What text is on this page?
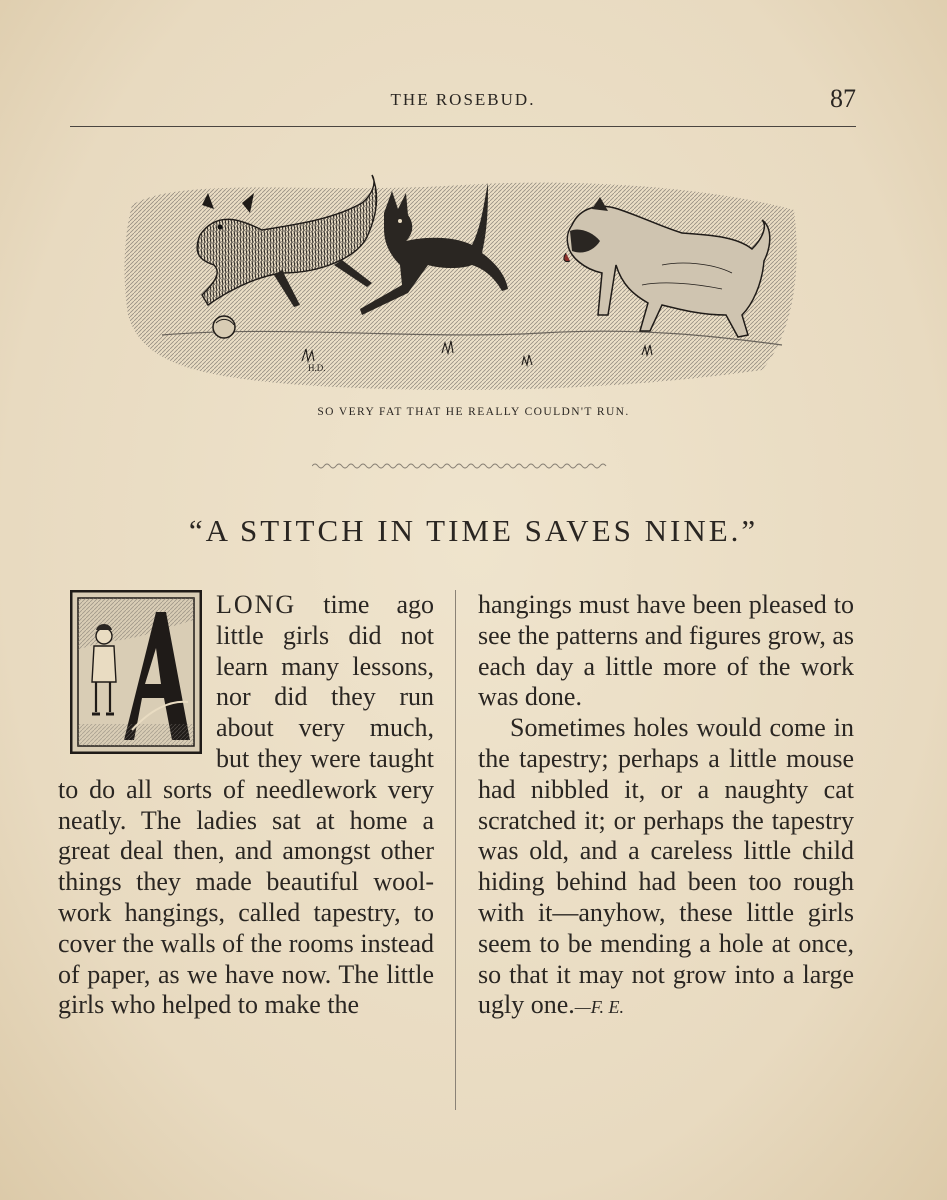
THE ROSEBUD.	87
H.D.
SO VERY FAT THAT HE REALLY COULDN'T RUN.
“A STITCH IN TIME SAVES NINE.”

LONG time ago little girls did not learn many lessons, nor did they run about very much, but they were taught to do all sorts of needlework very neatly. The ladies sat at home a great deal then, and amongst other things they made beautiful wool-work hangings, called tapestry, to cover the walls of the rooms instead of paper, as we have now. The little girls who helped to make the

hangings must have been pleased to see the patterns and figures grow, as each day a little more of the work was done.

Sometimes holes would come in the tapestry; perhaps a little mouse had nibbled it, or a naughty cat scratched it; or perhaps the tapestry was old, and a careless little child hiding behind had been too rough with it—anyhow, these little girls seem to be mending a hole at once, so that it may not grow into a large ugly one.—F. E.
